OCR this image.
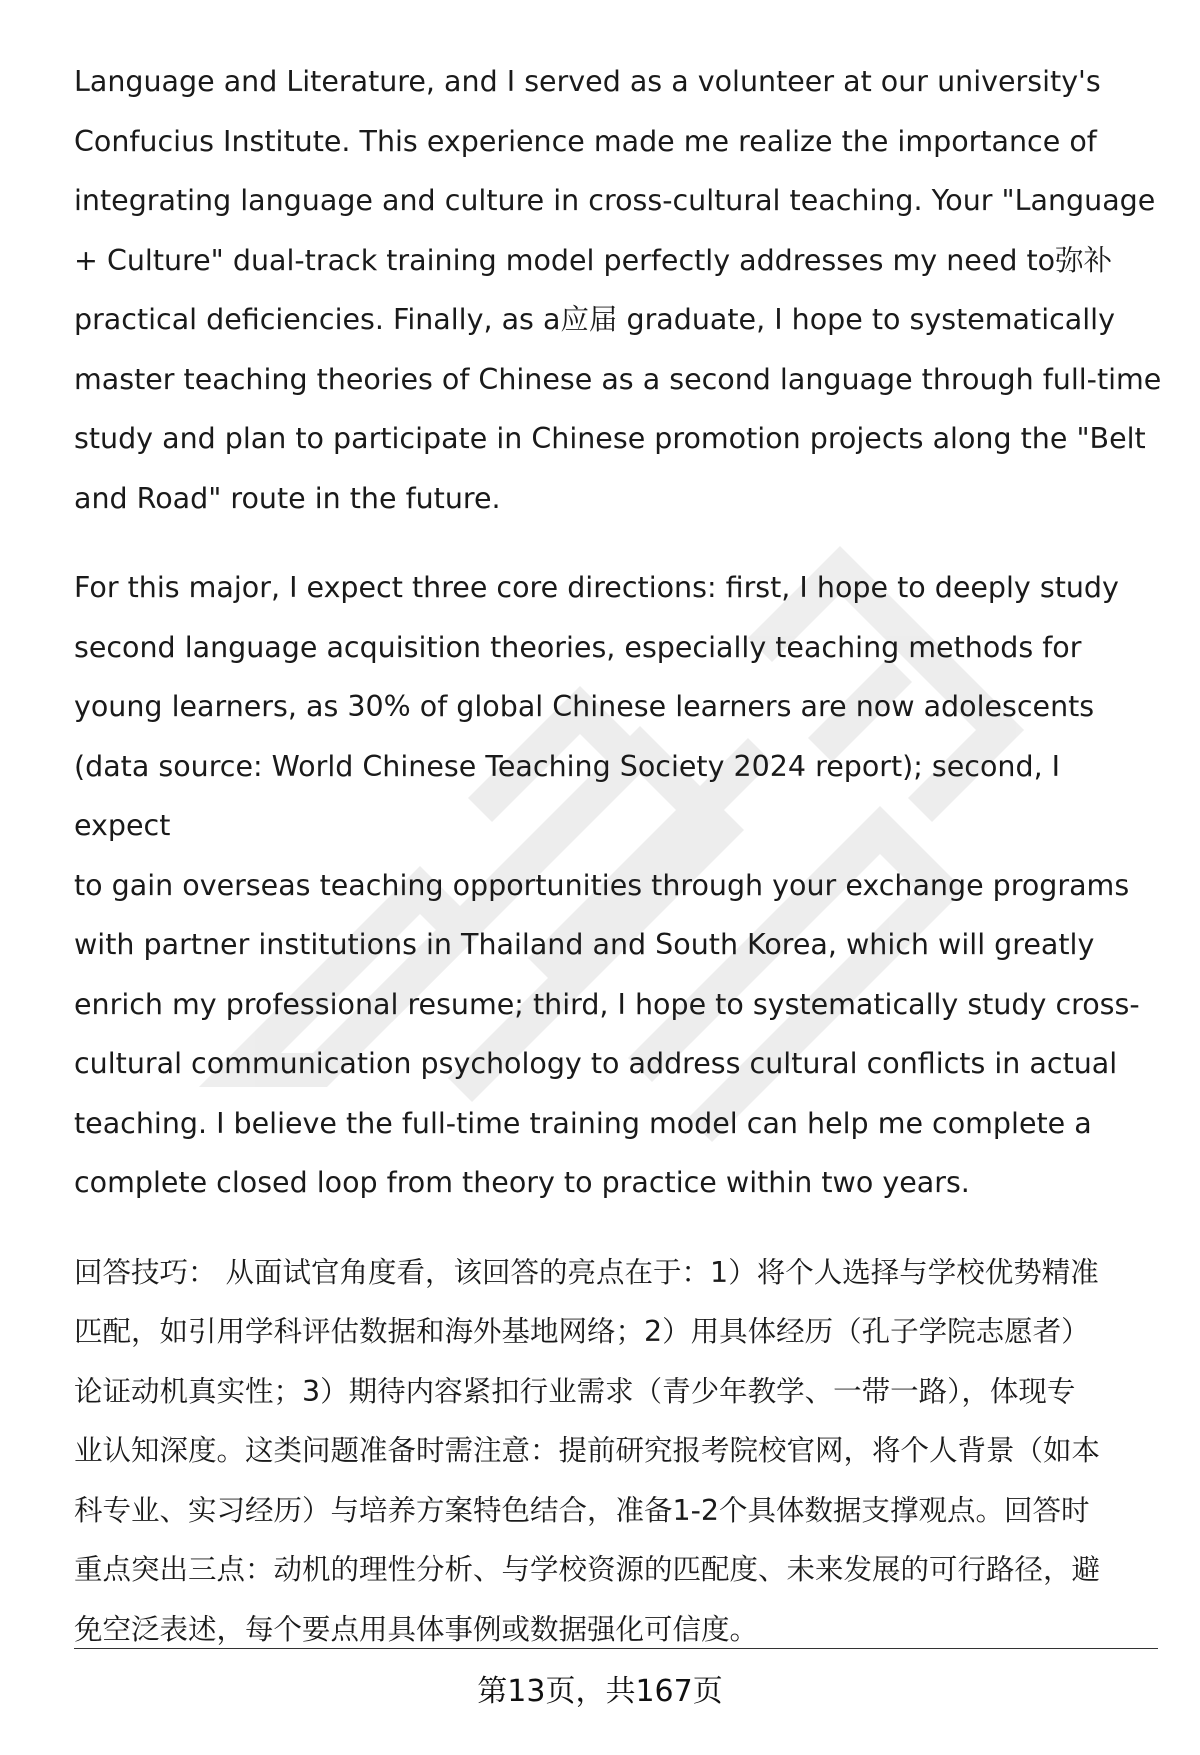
Language and Literature, and I served as a volunteer at our university's
Confucius Institute. This experience made me realize the importance of
integrating language and culture in cross-cultural teaching. Your "Language
+ Culture" dual-track training model perfectly addresses my need to弥补
practical deficiencies. Finally, as a应届 graduate, I hope to systematically
master teaching theories of Chinese as a second language through full-time
study and plan to participate in Chinese promotion projects along the "Belt
and Road" route in the future.

For this major, I expect three core directions: first, I hope to deeply study
second language acquisition theories, especially teaching methods for
young learners, as 30% of global Chinese learners are now adolescents
(data source: World Chinese Teaching Society 2024 report); second, I expect
to gain overseas teaching opportunities through your exchange programs
with partner institutions in Thailand and South Korea, which will greatly
enrich my professional resume; third, I hope to systematically study cross-
cultural communication psychology to address cultural conflicts in actual
teaching. I believe the full-time training model can help me complete a
complete closed loop from theory to practice within two years.

回答技巧： 从面试官角度看，该回答的亮点在于：1）将个人选择与学校优势精准
匹配，如引用学科评估数据和海外基地网络；2）用具体经历（孔子学院志愿者）
论证动机真实性；3）期待内容紧扣行业需求（青少年教学、一带一路），体现专
业认知深度。这类问题准备时需注意：提前研究报考院校官网，将个人背景（如本
科专业、实习经历）与培养方案特色结合，准备1-2个具体数据支撑观点。回答时
重点突出三点：动机的理性分析、与学校资源的匹配度、未来发展的可行路径，避
免空泛表述，每个要点用具体事例或数据强化可信度。

第13页，共167页
